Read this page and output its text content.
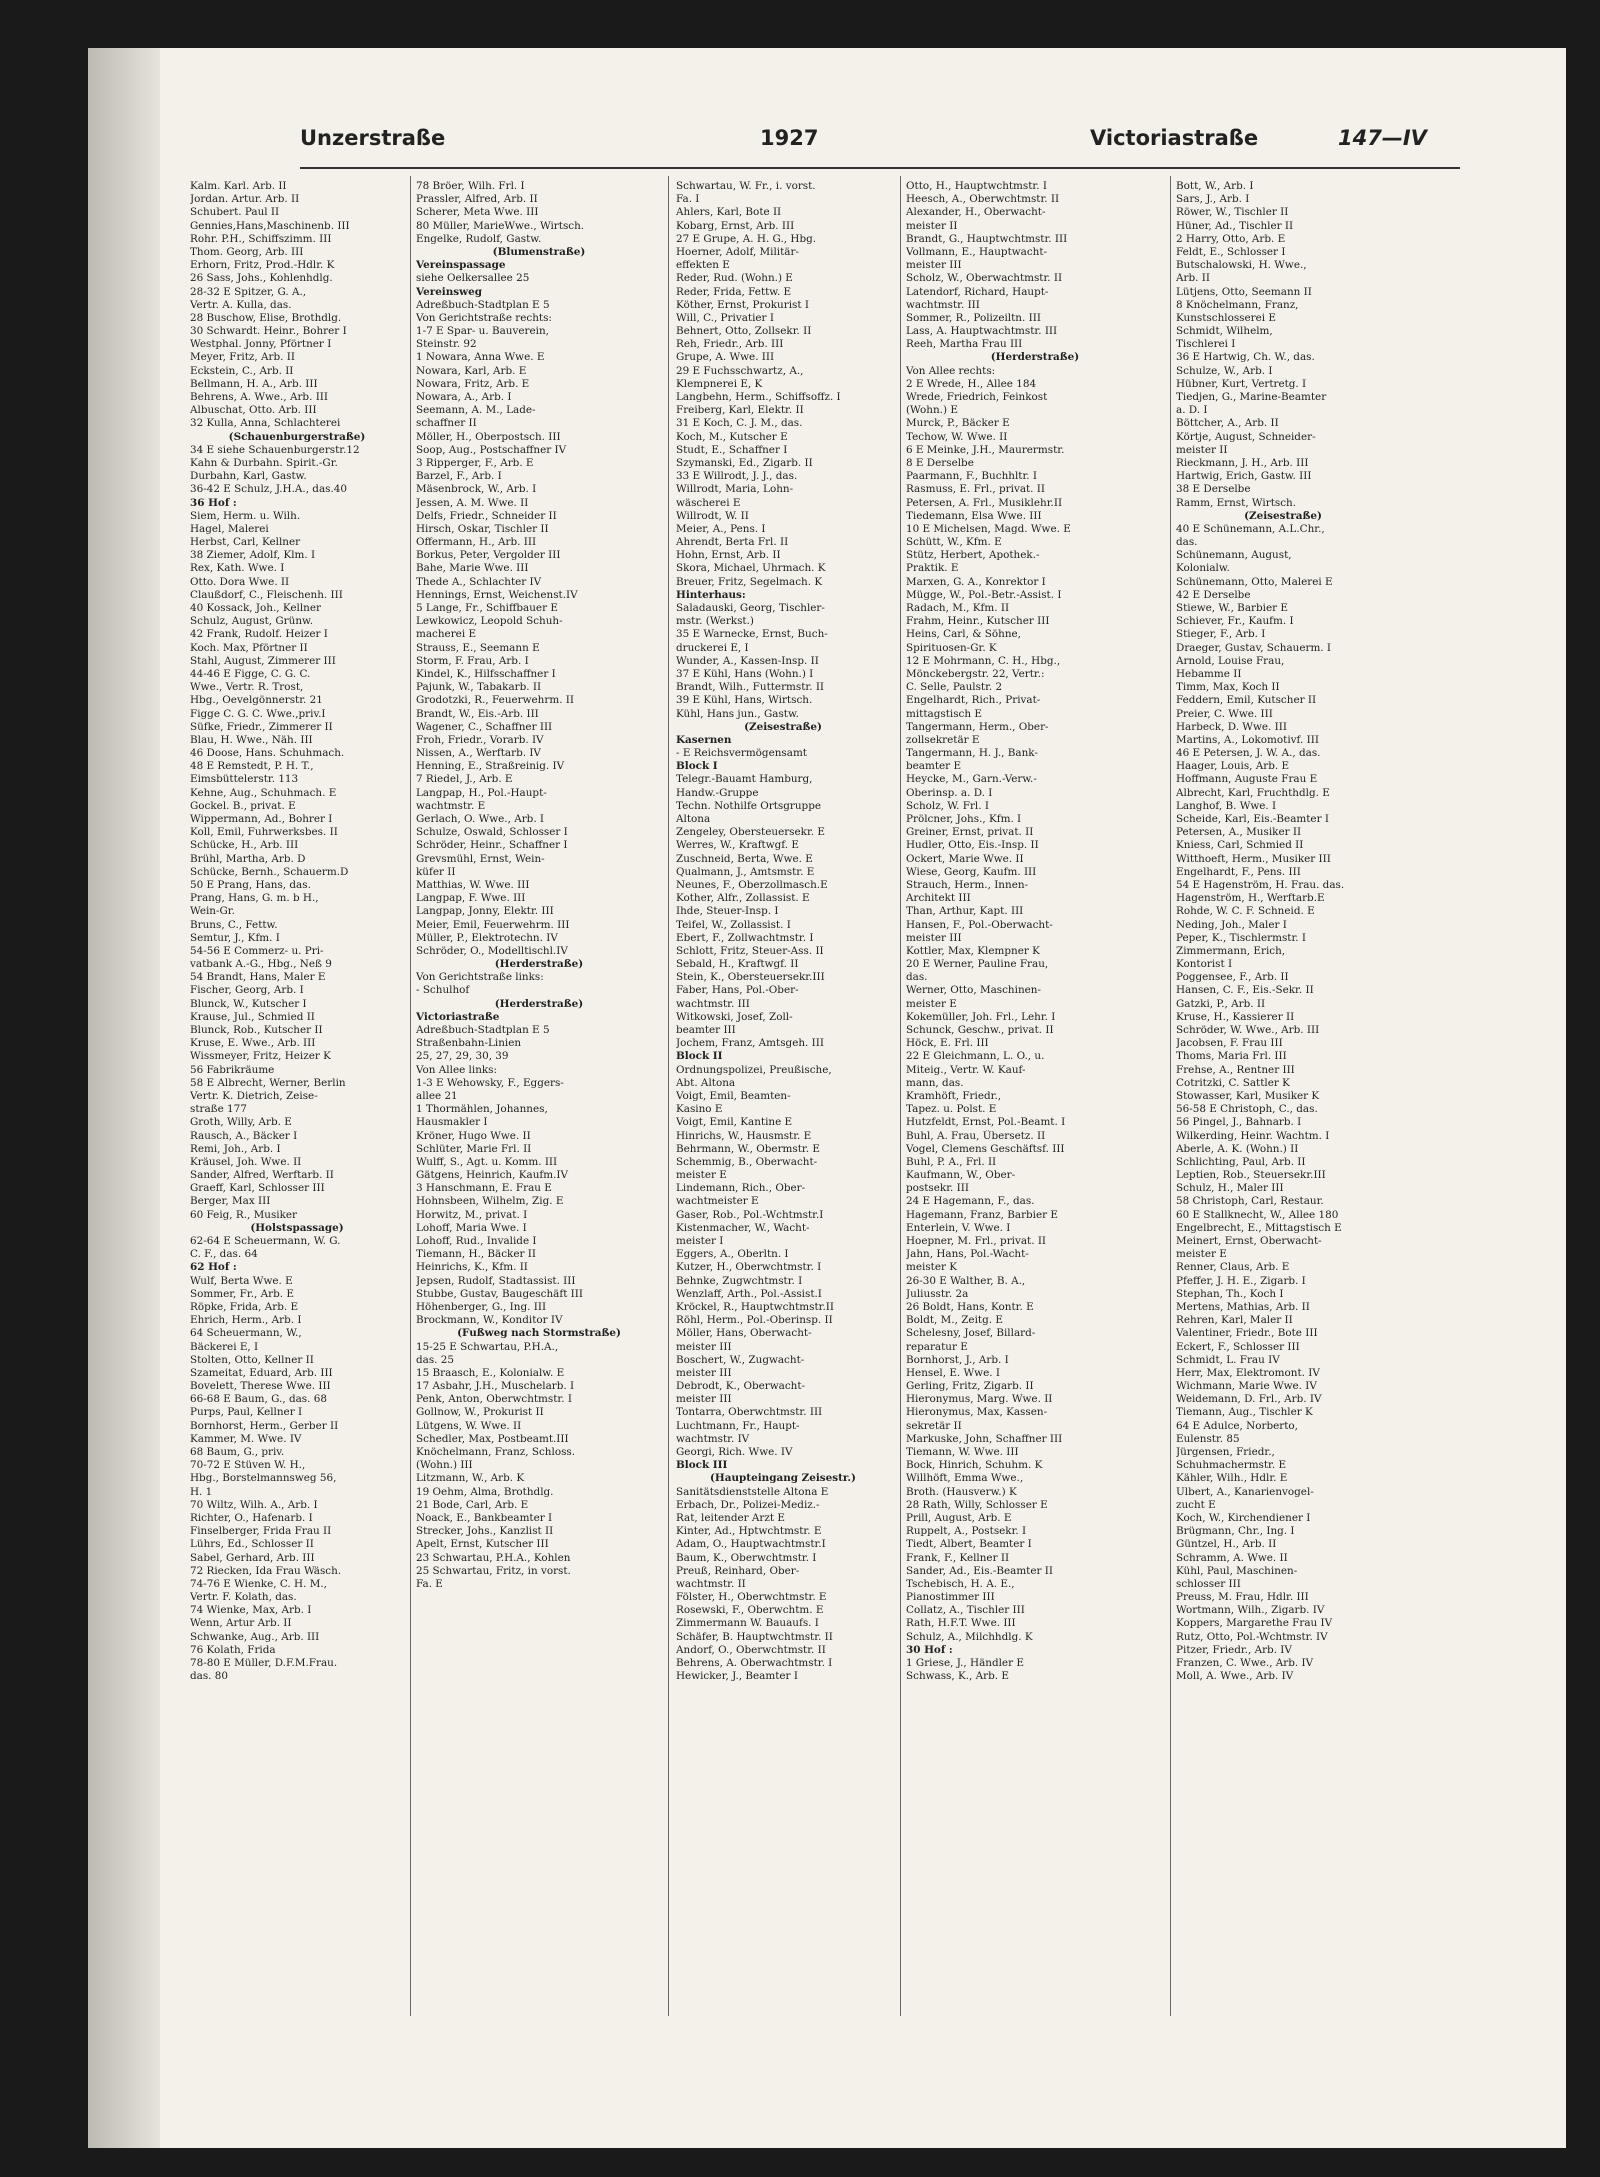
Unzerstraße	1927	Victoriastraße	147—IV
Kalm. Karl. Arb. II
Jordan. Artur. Arb. II
Schubert. Paul II
Gennies,Hans,Maschinenb. III
Rohr. P.H., Schiffszimm. III
Thom. Georg, Arb. III
Erhorn, Fritz, Prod.-Hdlr. K
26 Sass, Johs., Kohlenhdlg.
28-32 E Spitzer, G. A.,
Vertr. A. Kulla, das.
28 Buschow, Elise, Brothdlg.
30 Schwardt. Heinr., Bohrer I
Westphal. Jonny, Pförtner I
Meyer, Fritz, Arb. II
Eckstein, C., Arb. II
Bellmann, H. A., Arb. III
Behrens, A. Wwe., Arb. III
Albuschat, Otto. Arb. III
32 Kulla, Anna, Schlachterei
(Schauenburgerstraße)
34 E siehe Schauenburgerstr.12
Kahn & Durbahn. Spirit.-Gr.
Durbahn, Karl, Gastw.
36-42 E Schulz, J.H.A., das.40
36 Hof :
Siem, Herm. u. Wilh.
Hagel, Malerei
Herbst, Carl, Kellner
38 Ziemer, Adolf, Klm. I
Rex, Kath. Wwe. I
Otto. Dora Wwe. II
Claußdorf, C., Fleischenh. III
40 Kossack, Joh., Kellner
Schulz, August, Grünw.
42 Frank, Rudolf. Heizer I
Koch. Max, Pförtner II
Stahl, August, Zimmerer III
44-46 E Figge, C. G. C.
Wwe., Vertr. R. Trost,
Hbg., Oevelgönnerstr. 21
Figge C. G. C. Wwe.,priv.I
Süfke, Friedr., Zimmerer II
Blau, H. Wwe., Näh. III
46 Doose, Hans. Schuhmach.
48 E Remstedt, P. H. T.,
Eimsbüttelerstr. 113
Kehne, Aug., Schuhmach. E
Gockel. B., privat. E
Wippermann, Ad., Bohrer I
Koll, Emil, Fuhrwerksbes. II
Schücke, H., Arb. III
Brühl, Martha, Arb. D
Schücke, Bernh., Schauerm.D
50 E Prang, Hans, das.
Prang, Hans, G. m. b H.,
Wein-Gr.
Bruns, C., Fettw.
Semtur, J., Kfm. I
54-56 E Commerz- u. Pri-
vatbank A.-G., Hbg., Neß 9
54 Brandt, Hans, Maler E
Fischer, Georg, Arb. I
Blunck, W., Kutscher I
Krause, Jul., Schmied II
Blunck, Rob., Kutscher II
Kruse, E. Wwe., Arb. III
Wissmeyer, Fritz, Heizer K
56 Fabrikräume
58 E Albrecht, Werner, Berlin
Vertr. K. Dietrich, Zeise-
straße 177
Groth, Willy, Arb. E
Rausch, A., Bäcker I
Remi, Joh., Arb. I
Kräusel, Joh. Wwe. II
Sander, Alfred, Werftarb. II
Graeff, Karl, Schlosser III
Berger, Max III
60 Feig, R., Musiker
(Holstspassage)
62-64 E Scheuermann, W. G.
C. F., das. 64
62 Hof :
Wulf, Berta Wwe. E
Sommer, Fr., Arb. E
Röpke, Frida, Arb. E
Ehrich, Herm., Arb. I
64 Scheuermann, W.,
Bäckerei E, I
Stolten, Otto, Kellner II
Szameitat, Eduard, Arb. III
Bovelett, Therese Wwe. III
66-68 E Baum, G., das. 68
Purps, Paul, Kellner I
Bornhorst, Herm., Gerber II
Kammer, M. Wwe. IV
68 Baum, G., priv.
70-72 E Stüven W. H.,
Hbg., Borstelmannsweg 56,
H. 1
70 Wiltz, Wilh. A., Arb. I
Richter, O., Hafenarb. I
Finselberger, Frida Frau II
Lührs, Ed., Schlosser II
Sabel, Gerhard, Arb. III
72 Riecken, Ida Frau Wäsch.
74-76 E Wienke, C. H. M.,
Vertr. F. Kolath, das.
74 Wienke, Max, Arb. I
Wenn, Artur Arb. II
Schwanke, Aug., Arb. III
76 Kolath, Frida
78-80 E Müller, D.F.M.Frau.
das. 80
78 Bröer, Wilh. Frl. I
Prassler, Alfred, Arb. II
Scherer, Meta Wwe. III
80 Müller, MarieWwe., Wirtsch.
Engelke, Rudolf, Gastw.
(Blumenstraße)
Vereinspassage
siehe Oelkersallee 25
Vereinsweg
Adreßbuch-Stadtplan E 5
Von Gerichtstraße rechts:
1-7 E Spar- u. Bauverein,
Steinstr. 92
1 Nowara, Anna Wwe. E
Nowara, Karl, Arb. E
Nowara, Fritz, Arb. E
Nowara, A., Arb. I
Seemann, A. M., Lade-
schaffner II
Möller, H., Oberpostsch. III
Soop, Aug., Postschaffner IV
3 Ripperger, F., Arb. E
Barzel, F., Arb. I
Mäsenbrock, W., Arb. I
Jessen, A. M. Wwe. II
Delfs, Friedr., Schneider II
Hirsch, Oskar, Tischler II
Offermann, H., Arb. III
Borkus, Peter, Vergolder III
Bahe, Marie Wwe. III
Thede A., Schlachter IV
Hennings, Ernst, Weichenst.IV
5 Lange, Fr., Schiffbauer E
Lewkowicz, Leopold Schuh-
macherei E
Strauss, E., Seemann E
Storm, F. Frau, Arb. I
Kindel, K., Hilfsschaffner I
Pajunk, W., Tabakarb. II
Grodotzki, R., Feuerwehrm. II
Brandt, W., Eis.-Arb. III
Wagener, C., Schaffner III
Froh, Friedr., Vorarb. IV
Nissen, A., Werftarb. IV
Henning, E., Straßreinig. IV
7 Riedel, J., Arb. E
Langpap, H., Pol.-Haupt-
wachtmstr. E
Gerlach, O. Wwe., Arb. I
Schulze, Oswald, Schlosser I
Schröder, Heinr., Schaffner I
Grevsmühl, Ernst, Wein-
küfer II
Matthias, W. Wwe. III
Langpap, F. Wwe. III
Langpap, Jonny, Elektr. III
Meier, Emil, Feuerwehrm. III
Müller, P., Elektrotechn. IV
Schröder, O., Modelltischl.IV
(Herderstraße)
Von Gerichtstraße links:
- Schulhof
(Herderstraße)
Victoriastraße
Adreßbuch-Stadtplan E 5
Straßenbahn-Linien
25, 27, 29, 30, 39
Von Allee links:
1-3 E Wehowsky, F., Eggers-
allee 21
1 Thormählen, Johannes,
Hausmakler I
Kröner, Hugo Wwe. II
Schlüter, Marie Frl. II
Wulff, S., Agt. u. Komm. III
Gätgens, Heinrich, Kaufm.IV
3 Hanschmann, E. Frau E
Hohnsbeen, Wilhelm, Zig. E
Horwitz, M., privat. I
Lohoff, Maria Wwe. I
Lohoff, Rud., Invalide I
Tiemann, H., Bäcker II
Heinrichs, K., Kfm. II
Jepsen, Rudolf, Stadtassist. III
Stubbe, Gustav, Baugeschäft III
Höhenberger, G., Ing. III
Brockmann, W., Konditor IV
(Fußweg nach Stormstraße)
15-25 E Schwartau, P.H.A.,
das. 25
15 Braasch, E., Kolonialw. E
17 Asbahr, J.H., Muschelarb. I
Penk, Anton, Oberwchtmstr. I
Gollnow, W., Prokurist II
Lütgens, W. Wwe. II
Schedler, Max, Postbeamt.III
Knöchelmann, Franz, Schloss.
(Wohn.) III
Litzmann, W., Arb. K
19 Oehm, Alma, Brothdlg.
21 Bode, Carl, Arb. E
Noack, E., Bankbeamter I
Strecker, Johs., Kanzlist II
Apelt, Ernst, Kutscher III
23 Schwartau, P.H.A., Kohlen
25 Schwartau, Fritz, in vorst.
Fa. E
Schwartau, W. Fr., i. vorst.
Fa. I
Ahlers, Karl, Bote II
Kobarg, Ernst, Arb. III
27 E Grupe, A. H. G., Hbg.
Hoerner, Adolf, Militär-
effekten E
Reder, Rud. (Wohn.) E
Reder, Frida, Fettw. E
Köther, Ernst, Prokurist I
Will, C., Privatier I
Behnert, Otto, Zollsekr. II
Reh, Friedr., Arb. III
Grupe, A. Wwe. III
29 E Fuchsschwartz, A.,
Klempnerei E, K
Langbehn, Herm., Schiffsoffz. I
Freiberg, Karl, Elektr. II
31 E Koch, C. J. M., das.
Koch, M., Kutscher E
Studt, E., Schaffner I
Szymanski, Ed., Zigarb. II
33 E Willrodt, J. J., das.
Willrodt, Maria, Lohn-
wäscherei E
Willrodt, W. II
Meier, A., Pens. I
Ahrendt, Berta Frl. II
Hohn, Ernst, Arb. II
Skora, Michael, Uhrmach. K
Breuer, Fritz, Segelmach. K
Hinterhaus:
Saladauski, Georg, Tischler-
mstr. (Werkst.)
35 E Warnecke, Ernst, Buch-
druckerei E, I
Wunder, A., Kassen-Insp. II
37 E Kühl, Hans (Wohn.) I
Brandt, Wilh., Futtermstr. II
39 E Kühl, Hans, Wirtsch.
Kühl, Hans jun., Gastw.
(Zeisestraße)
Kasernen
- E Reichsvermögensamt
Block I
Telegr.-Bauamt Hamburg,
Handw.-Gruppe
Techn. Nothilfe Ortsgruppe
Altona
Zengeley, Obersteuersekr. E
Werres, W., Kraftwgf. E
Zuschneid, Berta, Wwe. E
Qualmann, J., Amtsmstr. E
Neunes, F., Oberzollmasch.E
Kother, Alfr., Zollassist. E
Ihde, Steuer-Insp. I
Teifel, W., Zollassist. I
Ebert, F., Zollwachtmstr. I
Schlott, Fritz, Steuer-Ass. II
Sebald, H., Kraftwgf. II
Stein, K., Obersteuersekr.III
Faber, Hans, Pol.-Ober-
wachtmstr. III
Witkowski, Josef, Zoll-
beamter III
Jochem, Franz, Amtsgeh. III
Block II
Ordnungspolizei, Preußische,
Abt. Altona
Voigt, Emil, Beamten-
Kasino E
Voigt, Emil, Kantine E
Hinrichs, W., Hausmstr. E
Behrmann, W., Obermstr. E
Schemmig, B., Oberwacht-
meister E
Lindemann, Rich., Ober-
wachtmeister E
Gaser, Rob., Pol.-Wchtmstr.I
Kistenmacher, W., Wacht-
meister I
Eggers, A., Oberltn. I
Kutzer, H., Oberwchtmstr. I
Behnke, Zugwchtmstr. I
Wenzlaff, Arth., Pol.-Assist.I
Kröckel, R., Hauptwchtmstr.II
Röhl, Herm., Pol.-Oberinsp. II
Möller, Hans, Oberwacht-
meister III
Boschert, W., Zugwacht-
meister III
Debrodt, K., Oberwacht-
meister III
Tontarra, Oberwchtmstr. III
Luchtmann, Fr., Haupt-
wachtmstr. IV
Georgi, Rich. Wwe. IV
Block III
(Haupteingang Zeisestr.)
Sanitätsdienststelle Altona E
Erbach, Dr., Polizei-Mediz.-
Rat, leitender Arzt E
Kinter, Ad., Hptwchtmstr. E
Adam, O., Hauptwachtmstr.I
Baum, K., Oberwchtmstr. I
Preuß, Reinhard, Ober-
wachtmstr. II
Fölster, H., Oberwchtmstr. E
Rosewski, F., Oberwchtm. E
Zimmermann W. Bauaufs. I
Schäfer, B. Hauptwchtmstr. II
Andorf, O., Oberwchtmstr. II
Behrens, A. Oberwachtmstr. I
Hewicker, J., Beamter I
Otto, H., Hauptwchtmstr. I
Heesch, A., Oberwchtmstr. II
Alexander, H., Oberwacht-
meister II
Brandt, G., Hauptwchtmstr. III
Vollmann, E., Hauptwacht-
meister III
Scholz, W., Oberwachtmstr. II
Latendorf, Richard, Haupt-
wachtmstr. III
Sommer, R., Polizeiltn. III
Lass, A. Hauptwachtmstr. III
Reeh, Martha Frau III
(Herderstraße)
Von Allee rechts:
2 E Wrede, H., Allee 184
Wrede, Friedrich, Feinkost
(Wohn.) E
Murck, P., Bäcker E
Techow, W. Wwe. II
6 E Meinke, J.H., Maurermstr.
8 E Derselbe
Paarmann, F., Buchhltr. I
Rasmuss, E. Frl., privat. II
Petersen, A. Frl., Musiklehr.II
Tiedemann, Elsa Wwe. III
10 E Michelsen, Magd. Wwe. E
Schütt, W., Kfm. E
Stütz, Herbert, Apothek.-
Praktik. E
Marxen, G. A., Konrektor I
Mügge, W., Pol.-Betr.-Assist. I
Radach, M., Kfm. II
Frahm, Heinr., Kutscher III
Heins, Carl, & Söhne,
Spirituosen-Gr. K
12 E Mohrmann, C. H., Hbg.,
Mönckebergstr. 22, Vertr.:
C. Selle, Paulstr. 2
Engelhardt, Rich., Privat-
mittagstisch E
Tangermann, Herm., Ober-
zollsekretär E
Tangermann, H. J., Bank-
beamter E
Heycke, M., Garn.-Verw.-
Oberinsp. a. D. I
Scholz, W. Frl. I
Prölcner, Johs., Kfm. I
Greiner, Ernst, privat. II
Hudler, Otto, Eis.-Insp. II
Ockert, Marie Wwe. II
Wiese, Georg, Kaufm. III
Strauch, Herm., Innen-
Architekt III
Than, Arthur, Kapt. III
Hansen, F., Pol.-Oberwacht-
meister III
Kottler, Max, Klempner K
20 E Werner, Pauline Frau,
das.
Werner, Otto, Maschinen-
meister E
Kokemüller, Joh. Frl., Lehr. I
Schunck, Geschw., privat. II
Höck, E. Frl. III
22 E Gleichmann, L. O., u.
Miteig., Vertr. W. Kauf-
mann, das.
Kramhöft, Friedr.,
Tapez. u. Polst. E
Hutzfeldt, Ernst, Pol.-Beamt. I
Buhl, A. Frau, Übersetz. II
Vogel, Clemens Geschäftsf. III
Buhl, P. A., Frl. II
Kaufmann, W., Ober-
postsekr. III
24 E Hagemann, F., das.
Hagemann, Franz, Barbier E
Enterlein, V. Wwe. I
Hoepner, M. Frl., privat. II
Jahn, Hans, Pol.-Wacht-
meister K
26-30 E Walther, B. A.,
Juliusstr. 2a
26 Boldt, Hans, Kontr. E
Boldt, M., Zeitg. E
Schelesny, Josef, Billard-
reparatur E
Bornhorst, J., Arb. I
Hensel, E. Wwe. I
Gerling, Fritz, Zigarb. II
Hieronymus, Marg. Wwe. II
Hieronymus, Max, Kassen-
sekretär II
Markuske, John, Schaffner III
Tiemann, W. Wwe. III
Bock, Hinrich, Schuhm. K
Willhöft, Emma Wwe.,
Broth. (Hausverw.) K
28 Rath, Willy, Schlosser E
Prill, August, Arb. E
Ruppelt, A., Postsekr. I
Tiedt, Albert, Beamter I
Frank, F., Kellner II
Sander, Ad., Eis.-Beamter II
Tschebisch, H. A. E.,
Pianostimmer III
Collatz, A., Tischler III
Rath, H.F.T. Wwe. III
Schulz, A., Milchhdlg. K
30 Hof :
1 Griese, J., Händler E
Schwass, K., Arb. E
Bott, W., Arb. I
Sars, J., Arb. I
Röwer, W., Tischler II
Hüner, Ad., Tischler II
2 Harry, Otto, Arb. E
Feldt, E., Schlosser I
Butschalowski, H. Wwe.,
Arb. II
Lütjens, Otto, Seemann II
8 Knöchelmann, Franz,
Kunstschlosserei E
Schmidt, Wilhelm,
Tischlerei I
36 E Hartwig, Ch. W., das.
Schulze, W., Arb. I
Hübner, Kurt, Vertretg. I
Tiedjen, G., Marine-Beamter
a. D. I
Böttcher, A., Arb. II
Körtje, August, Schneider-
meister II
Rieckmann, J. H., Arb. III
Hartwig, Erich, Gastw. III
38 E Derselbe
Ramm, Ernst, Wirtsch.
(Zeisestraße)
40 E Schünemann, A.L.Chr.,
das.
Schünemann, August,
Kolonialw.
Schünemann, Otto, Malerei E
42 E Derselbe
Stiewe, W., Barbier E
Schiever, Fr., Kaufm. I
Stieger, F., Arb. I
Draeger, Gustav, Schauerm. I
Arnold, Louise Frau,
Hebamme II
Timm, Max, Koch II
Feddern, Emil, Kutscher II
Preier, C. Wwe. III
Harbeck, D. Wwe. III
Martins, A., Lokomotivf. III
46 E Petersen, J. W. A., das.
Haager, Louis, Arb. E
Hoffmann, Auguste Frau E
Albrecht, Karl, Fruchthdlg. E
Langhof, B. Wwe. I
Scheide, Karl, Eis.-Beamter I
Petersen, A., Musiker II
Kniess, Carl, Schmied II
Witthoeft, Herm., Musiker III
Engelhardt, F., Pens. III
54 E Hagenström, H. Frau. das.
Hagenström, H., Werftarb.E
Rohde, W. C. F. Schneid. E
Neding, Joh., Maler I
Peper, K., Tischlermstr. I
Zimmermann, Erich,
Kontorist I
Poggensee, F., Arb. II
Hansen, C. F., Eis.-Sekr. II
Gatzki, P., Arb. II
Kruse, H., Kassierer II
Schröder, W. Wwe., Arb. III
Jacobsen, F. Frau III
Thoms, Maria Frl. III
Frehse, A., Rentner III
Cotritzki, C. Sattler K
Stowasser, Karl, Musiker K
56-58 E Christoph, C., das.
56 Pingel, J., Bahnarb. I
Wilkerding, Heinr. Wachtm. I
Aberle, A. K. (Wohn.) II
Schlichting, Paul, Arb. II
Leptien, Rob., Steuersekr.III
Schulz, H., Maler III
58 Christoph, Carl, Restaur.
60 E Stallknecht, W., Allee 180
Engelbrecht, E., Mittagstisch E
Meinert, Ernst, Oberwacht-
meister E
Renner, Claus, Arb. E
Pfeffer, J. H. E., Zigarb. I
Stephan, Th., Koch I
Mertens, Mathias, Arb. II
Rehren, Karl, Maler II
Valentiner, Friedr., Bote III
Eckert, F., Schlosser III
Schmidt, L. Frau IV
Herr, Max, Elektromont. IV
Wichmann, Marie Wwe. IV
Weidemann, D. Frl., Arb. IV
Tiemann, Aug., Tischler K
64 E Adulce, Norberto,
Eulenstr. 85
Jürgensen, Friedr.,
Schuhmachermstr. E
Kähler, Wilh., Hdlr. E
Ulbert, A., Kanarienvogel-
zucht E
Koch, W., Kirchendiener I
Brügmann, Chr., Ing. I
Güntzel, H., Arb. II
Schramm, A. Wwe. II
Kühl, Paul, Maschinen-
schlosser III
Preuss, M. Frau, Hdlr. III
Wortmann, Wilh., Zigarb. IV
Koppers, Margarethe Frau IV
Rutz, Otto, Pol.-Wchtmstr. IV
Pitzer, Friedr., Arb. IV
Franzen, C. Wwe., Arb. IV
Moll, A. Wwe., Arb. IV
